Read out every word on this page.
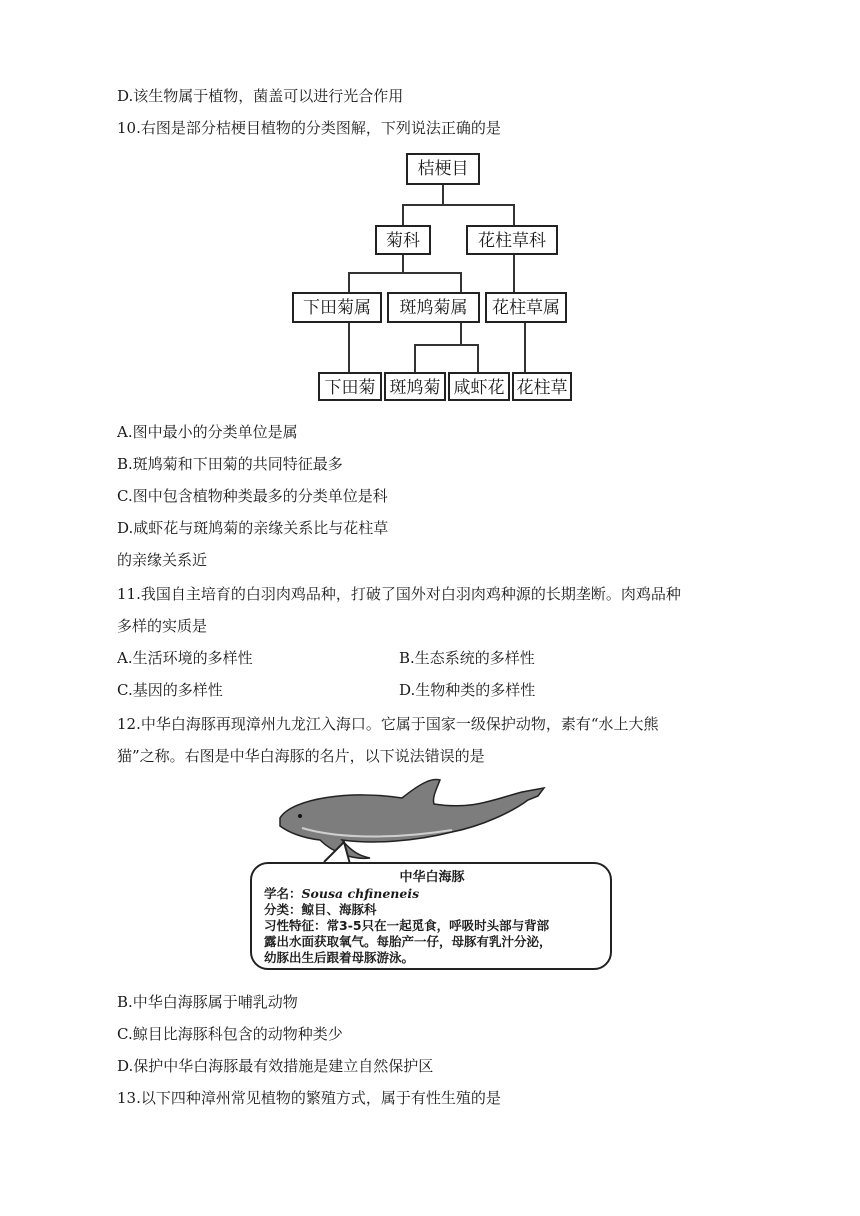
D.该生物属于植物，菌盖可以进行光合作用
10.右图是部分桔梗目植物的分类图解，下列说法正确的是
桔梗目
菊科	花柱草科
下田菊属	斑鸠菊属	花柱草属
下田菊 斑鸠菊 咸虾花 花柱草
A.图中最小的分类单位是属
B.斑鸠菊和下田菊的共同特征最多
C.图中包含植物种类最多的分类单位是科
D.咸虾花与斑鸠菊的亲缘关系比与花柱草
的亲缘关系近
11.我国自主培育的白羽肉鸡品种，打破了国外对白羽肉鸡种源的长期垄断。肉鸡品种
多样的实质是
A.生活环境的多样性	B.生态系统的多样性
C.基因的多样性	D.生物种类的多样性
12.中华白海豚再现漳州九龙江入海口。它属于国家一级保护动物，素有“水上大熊
猫”之称。右图是中华白海豚的名片，以下说法错误的是
中华白海豚
学名：Sousa chfineneis
分类：鲸目、海豚科
习性特征：常3-5只在一起觅食，呼吸时头部与背部
露出水面获取氧气。每胎产一仔，母豚有乳汁分泌，
幼豚出生后跟着母豚游泳。
B.中华白海豚属于哺乳动物
C.鲸目比海豚科包含的动物种类少
D.保护中华白海豚最有效措施是建立自然保护区
13.以下四种漳州常见植物的繁殖方式，属于有性生殖的是
